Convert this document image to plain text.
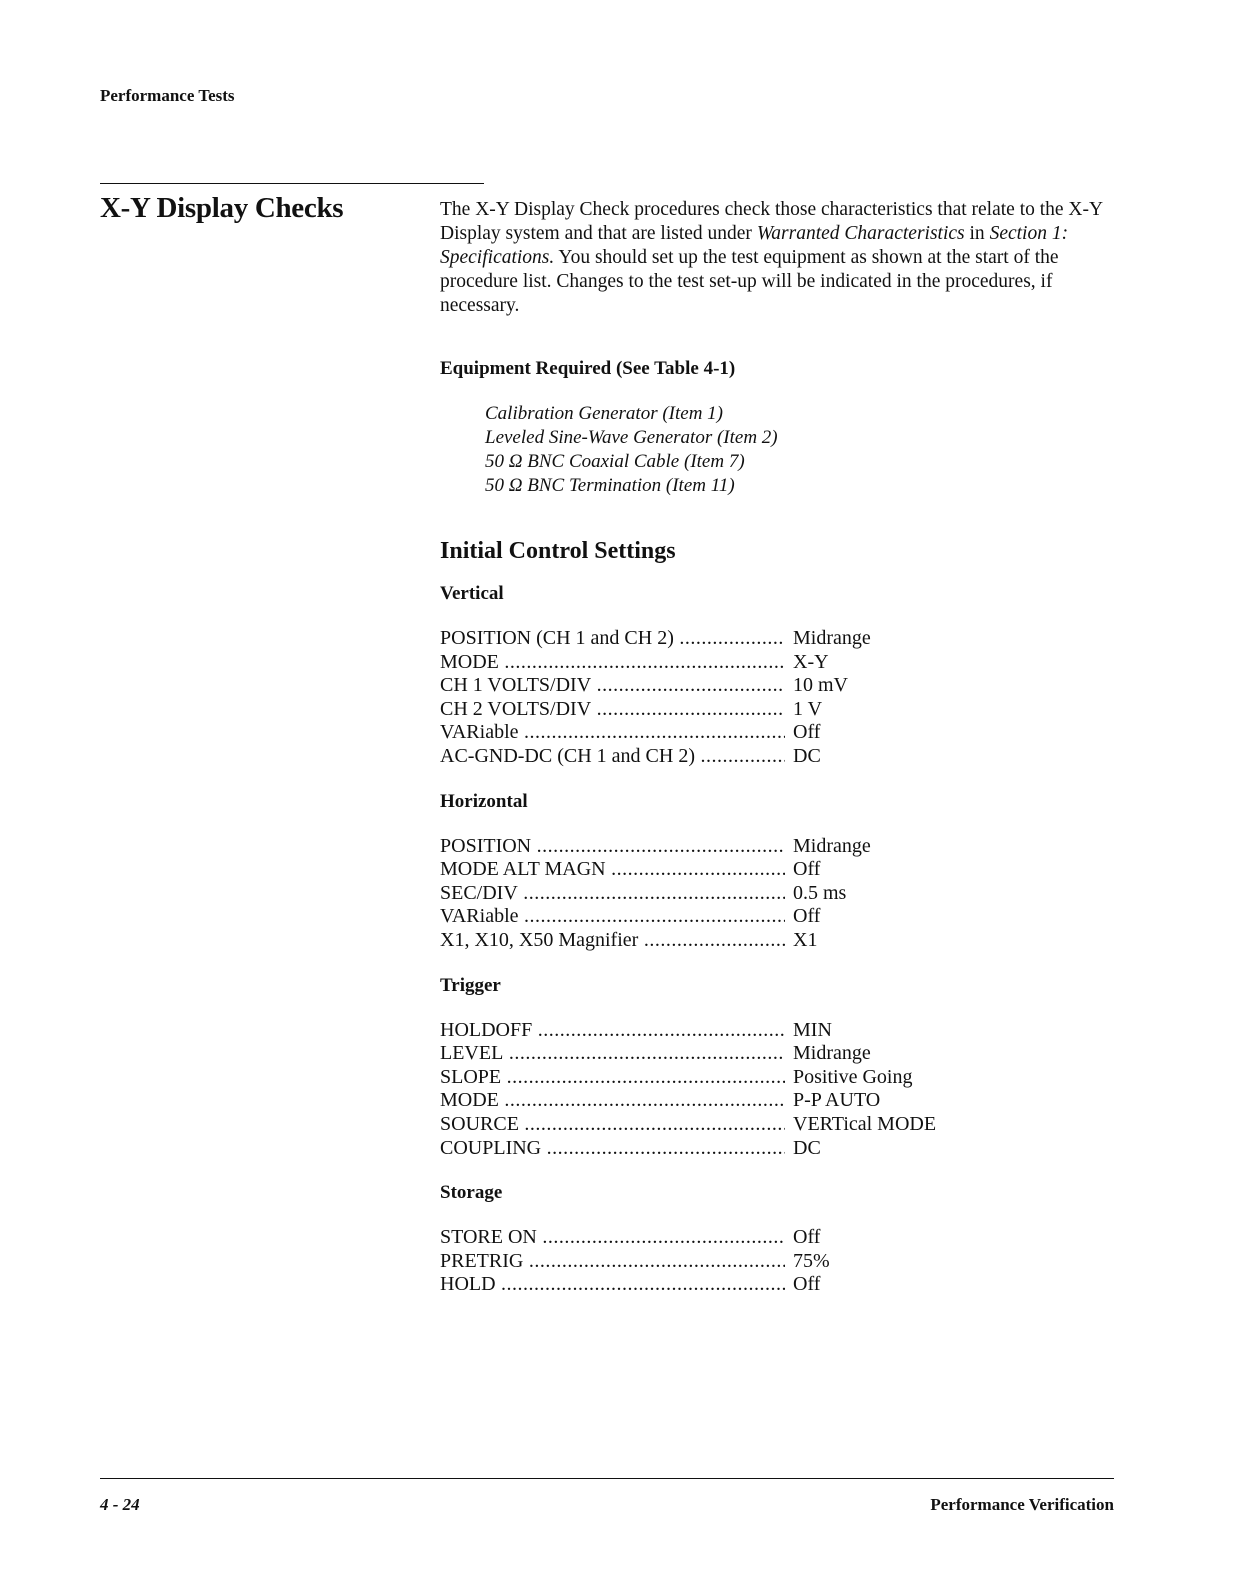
Performance Tests
X-Y Display Checks	The X-Y Display Check procedures check those characteristics that relate to the X-Y Display system and that are listed under Warranted Characteristics in Section 1: Specifications. You should set up the test equipment as shown at the start of the procedure list. Changes to the test set-up will be indicated in the procedures, if necessary.

Equipment Required (See Table 4-1)
Calibration Generator (Item 1)
Leveled Sine-Wave Generator (Item 2)
50 Ω BNC Coaxial Cable (Item 7)
50 Ω BNC Termination (Item 11)
Initial Control Settings
Vertical
POSITION (CH 1 and CH 2) .....	Midrange
MODE .....	X-Y
CH 1 VOLTS/DIV .....	10 mV
CH 2 VOLTS/DIV .....	1 V
VARiable .....	Off
AC-GND-DC (CH 1 and CH 2) .....	DC
Horizontal
POSITION .....	Midrange
MODE ALT MAGN .....	Off
SEC/DIV .....	0.5 ms
VARiable .....	Off
X1, X10, X50 Magnifier .....	X1
Trigger
HOLDOFF .....	MIN
LEVEL .....	Midrange
SLOPE .....	Positive Going
MODE .....	P-P AUTO
SOURCE .....	VERTical MODE
COUPLING .....	DC
Storage
STORE ON .....	Off
PRETRIG .....	75%
HOLD .....	Off
4 - 24	Performance Verification
